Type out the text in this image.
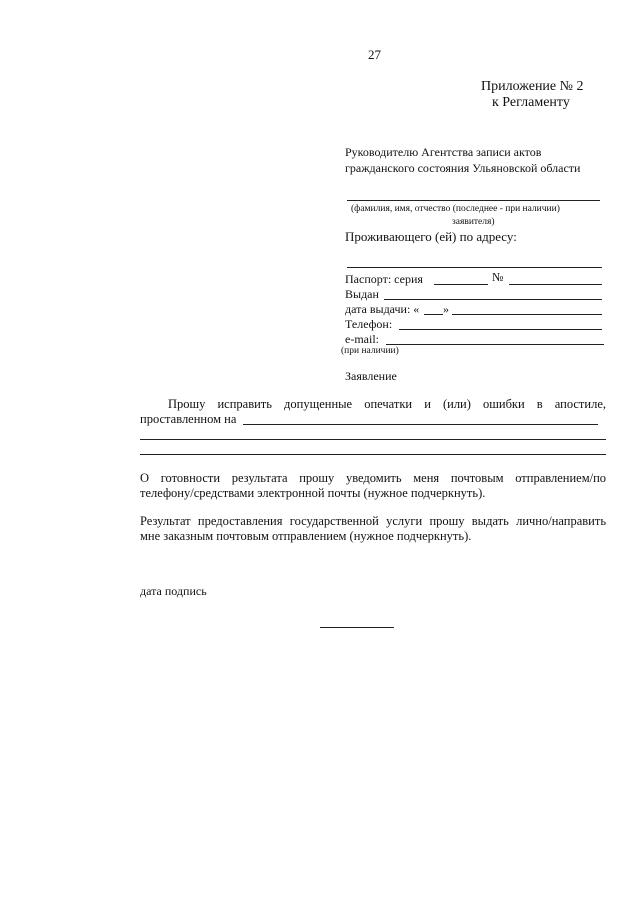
27
Приложение № 2
к Регламенту
Руководителю Агентства записи актов
гражданского состояния Ульяновской области
(фамилия, имя, отчество (последнее - при наличии)
заявителя)
Проживающего (ей) по адресу:
Паспорт: серия	№
Выдан
дата выдачи: « »
Телефон:
e-mail:
(при наличии)
Заявление
Прошу исправить допущенные опечатки и (или) ошибки в апостиле,
проставленном на
О готовности результата прошу уведомить меня почтовым отправлением/по
телефону/средствами электронной почты (нужное подчеркнуть).
Результат предоставления государственной услуги прошу выдать лично/направить
мне заказным почтовым отправлением (нужное подчеркнуть).
дата подпись
